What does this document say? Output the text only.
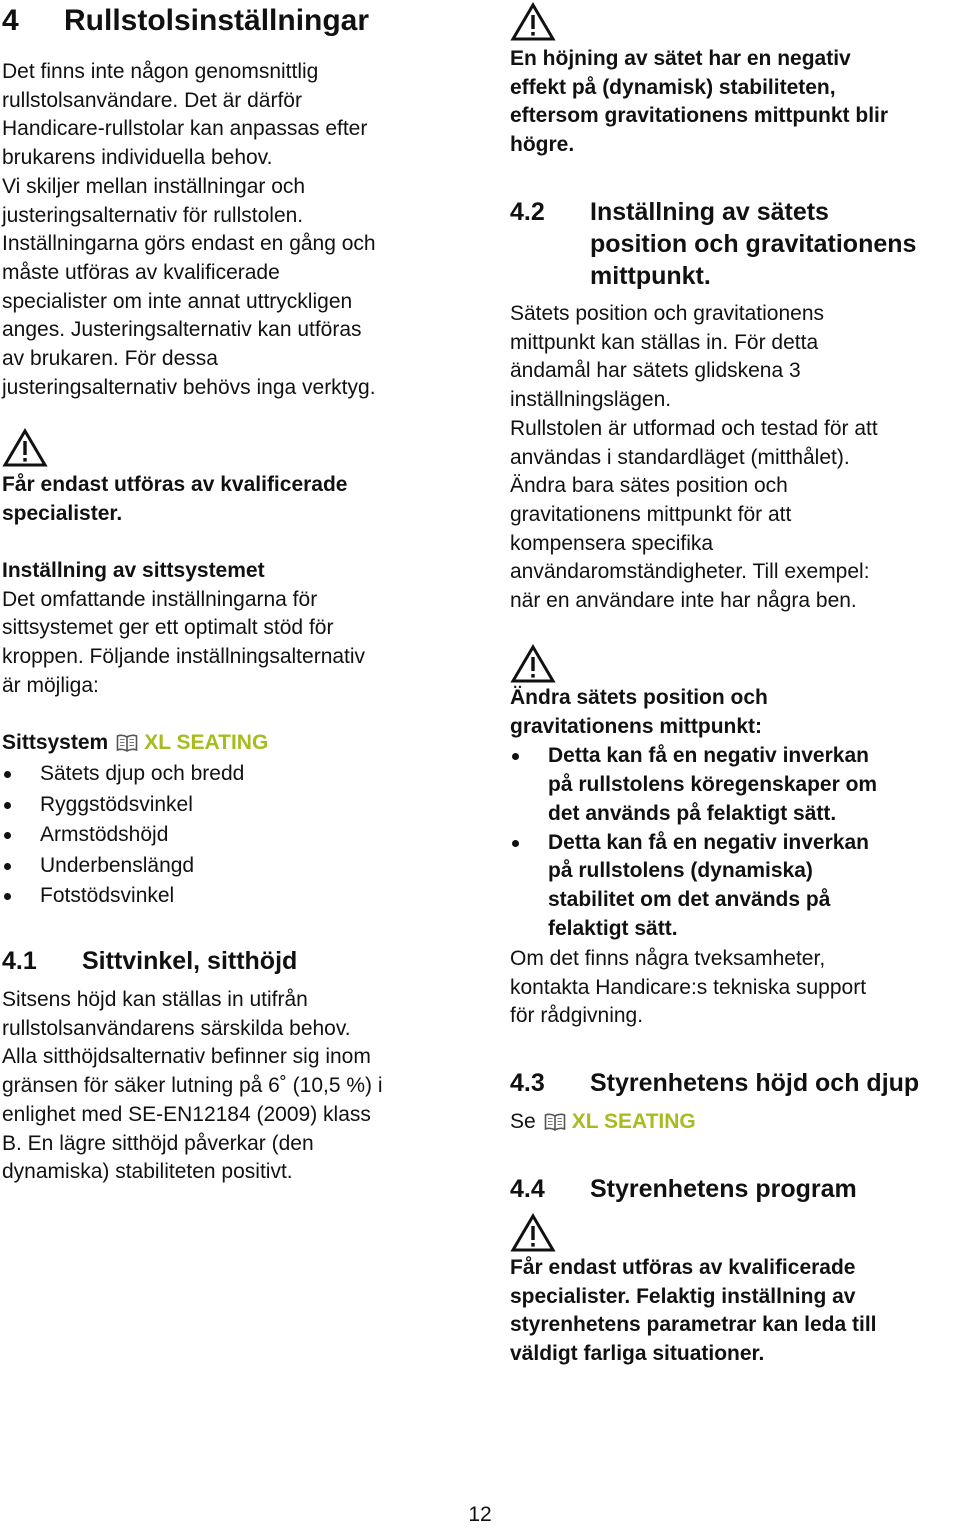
4 Rullstolsinställningar

Det finns inte någon genomsnittlig

rullstolsanvändare. Det är därför

Handicare-rullstolar kan anpassas efter

brukarens individuella behov.

Vi skiljer mellan inställningar och

justeringsalternativ för rullstolen.

Inställningarna görs endast en gång och

måste utföras av kvalificerade

specialister om inte annat uttryckligen

anges. Justeringsalternativ kan utföras

av brukaren. För dessa

justeringsalternativ behövs inga verktyg.

Får endast utföras av kvalificerade

specialister.

Inställning av sittsystemet

Det omfattande inställningarna för

sittsystemet ger ett optimalt stöd för

kroppen. Följande inställningsalternativ

är möjliga:

Sittsystem XL SEATING
Sätets djup och bredd
Ryggstödsvinkel
Armstödshöjd
Underbenslängd
Fotstödsvinkel
4.1 Sittvinkel, sitthöjd

Sitsens höjd kan ställas in utifrån

rullstolsanvändarens särskilda behov.

Alla sitthöjdsalternativ befinner sig inom

gränsen för säker lutning på 6˚ (10,5 %) i

enlighet med SE-EN12184 (2009) klass

B. En lägre sitthöjd påverkar (den

dynamiska) stabiliteten positivt.

En höjning av sätet har en negativ

effekt på (dynamisk) stabiliteten,

eftersom gravitationens mittpunkt blir

högre.

4.2 Inställning av sätets
position och gravitationens
mittpunkt.

Sätets position och gravitationens

mittpunkt kan ställas in. För detta

ändamål har sätets glidskena 3

inställningslägen.

Rullstolen är utformad och testad för att

användas i standardläget (mitthålet).

Ändra bara sätes position och

gravitationens mittpunkt för att

kompensera specifika

användaromständigheter. Till exempel:

när en användare inte har några ben.

Ändra sätets position och

gravitationens mittpunkt:

Detta kan få en negativ inverkan
på rullstolens köregenskaper om
det används på felaktigt sätt.
Detta kan få en negativ inverkan
på rullstolens (dynamiska)
stabilitet om det används på
felaktigt sätt.

Om det finns några tveksamheter,

kontakta Handicare:s tekniska support

för rådgivning.

4.3 Styrenhetens höjd och djup
Se XL SEATING
4.4 Styrenhetens program

Får endast utföras av kvalificerade

specialister. Felaktig inställning av

styrenhetens parametrar kan leda till

väldigt farliga situationer.

12
